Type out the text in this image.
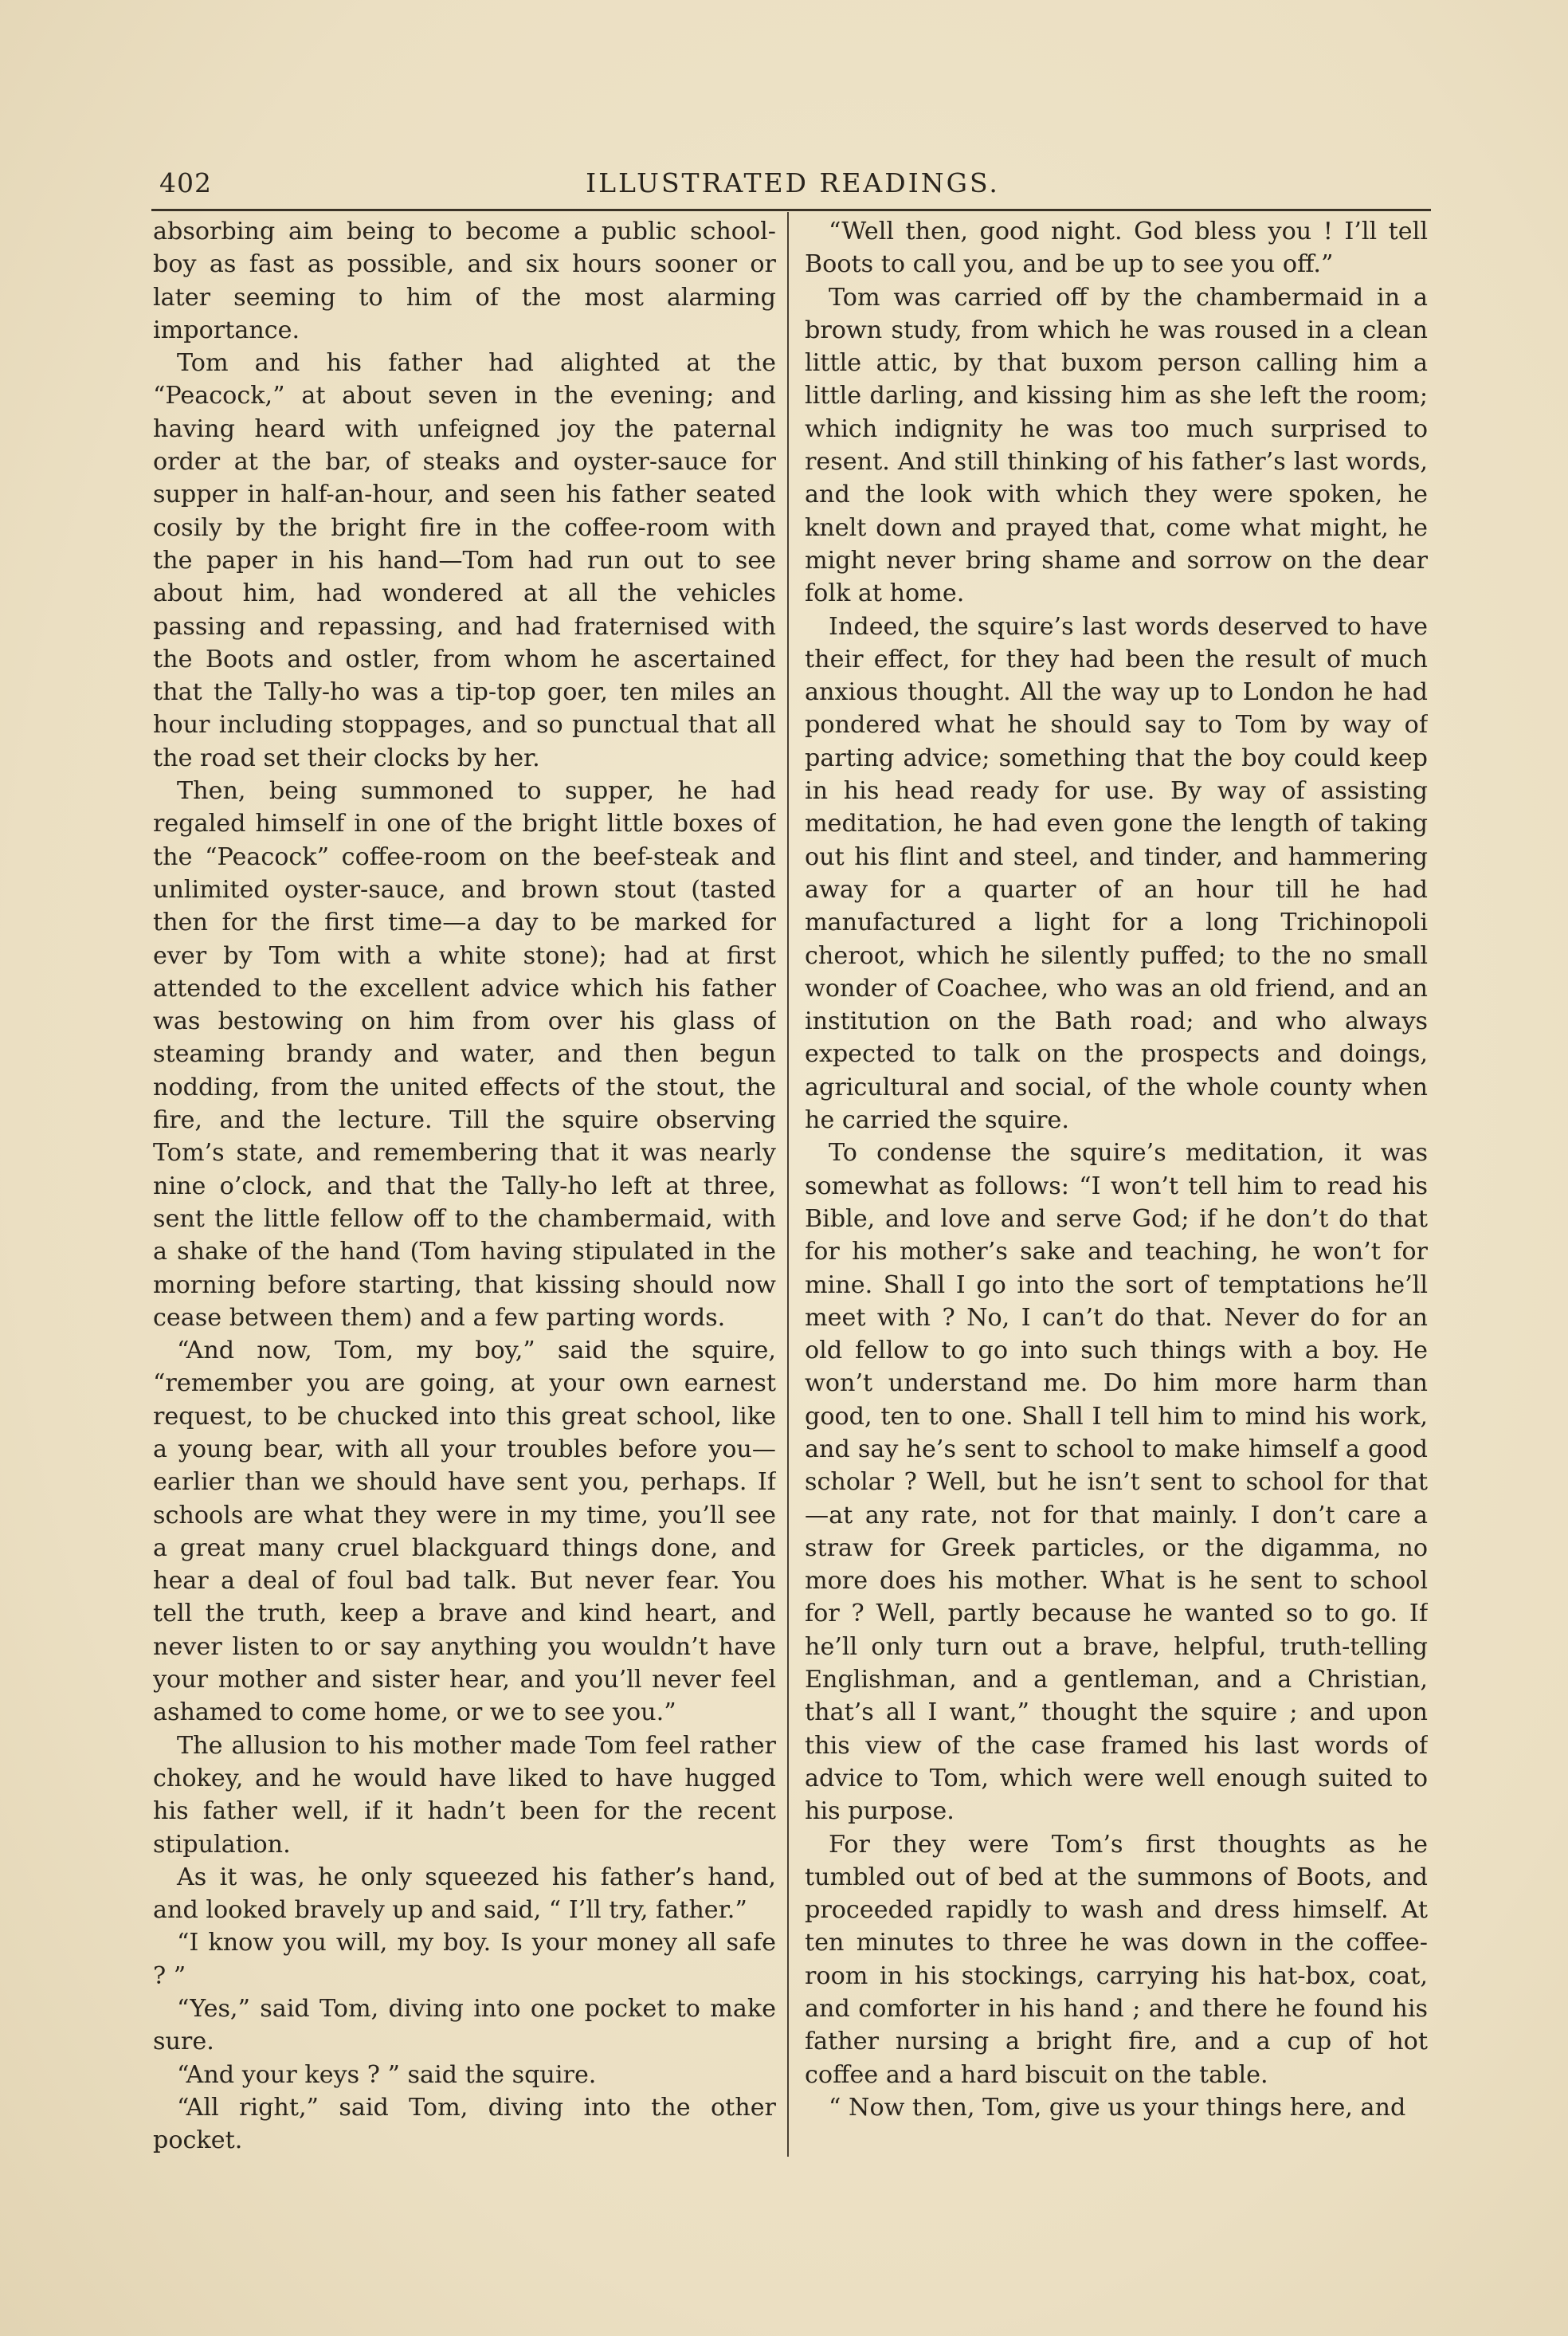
402	ILLUSTRATED READINGS.

absorbing aim being to become a public school-boy as fast as possible, and six hours sooner or later seeming to him of the most alarming importance.

Tom and his father had alighted at the “Peacock,” at about seven in the evening; and having heard with unfeigned joy the paternal order at the bar, of steaks and oyster-sauce for supper in half-an-hour, and seen his father seated cosily by the bright fire in the coffee-room with the paper in his hand—Tom had run out to see about him, had wondered at all the vehicles passing and repassing, and had fraternised with the Boots and ostler, from whom he ascertained that the Tally-ho was a tip-top goer, ten miles an hour including stoppages, and so punctual that all the road set their clocks by her.

Then, being summoned to supper, he had regaled himself in one of the bright little boxes of the “Peacock” coffee-room on the beef-steak and unlimited oyster-sauce, and brown stout (tasted then for the first time—a day to be marked for ever by Tom with a white stone); had at first attended to the excellent advice which his father was bestowing on him from over his glass of steaming brandy and water, and then begun nodding, from the united effects of the stout, the fire, and the lecture. Till the squire observing Tom’s state, and remembering that it was nearly nine o’clock, and that the Tally-ho left at three, sent the little fellow off to the chambermaid, with a shake of the hand (Tom having stipulated in the morning before starting, that kissing should now cease between them) and a few parting words.

“And now, Tom, my boy,” said the squire, “remember you are going, at your own earnest request, to be chucked into this great school, like a young bear, with all your troubles before you—earlier than we should have sent you, perhaps. If schools are what they were in my time, you’ll see a great many cruel blackguard things done, and hear a deal of foul bad talk. But never fear. You tell the truth, keep a brave and kind heart, and never listen to or say anything you wouldn’t have your mother and sister hear, and you’ll never feel ashamed to come home, or we to see you.”

The allusion to his mother made Tom feel rather chokey, and he would have liked to have hugged his father well, if it hadn’t been for the recent stipulation.

As it was, he only squeezed his father’s hand, and looked bravely up and said, “ I’ll try, father.”

“I know you will, my boy. Is your money all safe ? ”

“Yes,” said Tom, diving into one pocket to make sure.

“And your keys ? ” said the squire.

“All right,” said Tom, diving into the other pocket.

“Well then, good night. God bless you ! I’ll tell Boots to call you, and be up to see you off.”

Tom was carried off by the chambermaid in a brown study, from which he was roused in a clean little attic, by that buxom person calling him a little darling, and kissing him as she left the room; which indignity he was too much surprised to resent. And still thinking of his father’s last words, and the look with which they were spoken, he knelt down and prayed that, come what might, he might never bring shame and sorrow on the dear folk at home.

Indeed, the squire’s last words deserved to have their effect, for they had been the result of much anxious thought. All the way up to London he had pondered what he should say to Tom by way of parting advice; something that the boy could keep in his head ready for use. By way of assisting meditation, he had even gone the length of taking out his flint and steel, and tinder, and hammering away for a quarter of an hour till he had manufactured a light for a long Trichinopoli cheroot, which he silently puffed; to the no small wonder of Coachee, who was an old friend, and an institution on the Bath road; and who always expected to talk on the prospects and doings, agricultural and social, of the whole county when he carried the squire.

To condense the squire’s meditation, it was somewhat as follows: “I won’t tell him to read his Bible, and love and serve God; if he don’t do that for his mother’s sake and teaching, he won’t for mine. Shall I go into the sort of temptations he’ll meet with ? No, I can’t do that. Never do for an old fellow to go into such things with a boy. He won’t understand me. Do him more harm than good, ten to one. Shall I tell him to mind his work, and say he’s sent to school to make himself a good scholar ? Well, but he isn’t sent to school for that—at any rate, not for that mainly. I don’t care a straw for Greek particles, or the digamma, no more does his mother. What is he sent to school for ? Well, partly because he wanted so to go. If he’ll only turn out a brave, helpful, truth-telling Englishman, and a gentleman, and a Christian, that’s all I want,” thought the squire ; and upon this view of the case framed his last words of advice to Tom, which were well enough suited to his purpose.

For they were Tom’s first thoughts as he tumbled out of bed at the summons of Boots, and proceeded rapidly to wash and dress himself. At ten minutes to three he was down in the coffee-room in his stockings, carrying his hat-box, coat, and comforter in his hand ; and there he found his father nursing a bright fire, and a cup of hot coffee and a hard biscuit on the table.

“ Now then, Tom, give us your things here, and
